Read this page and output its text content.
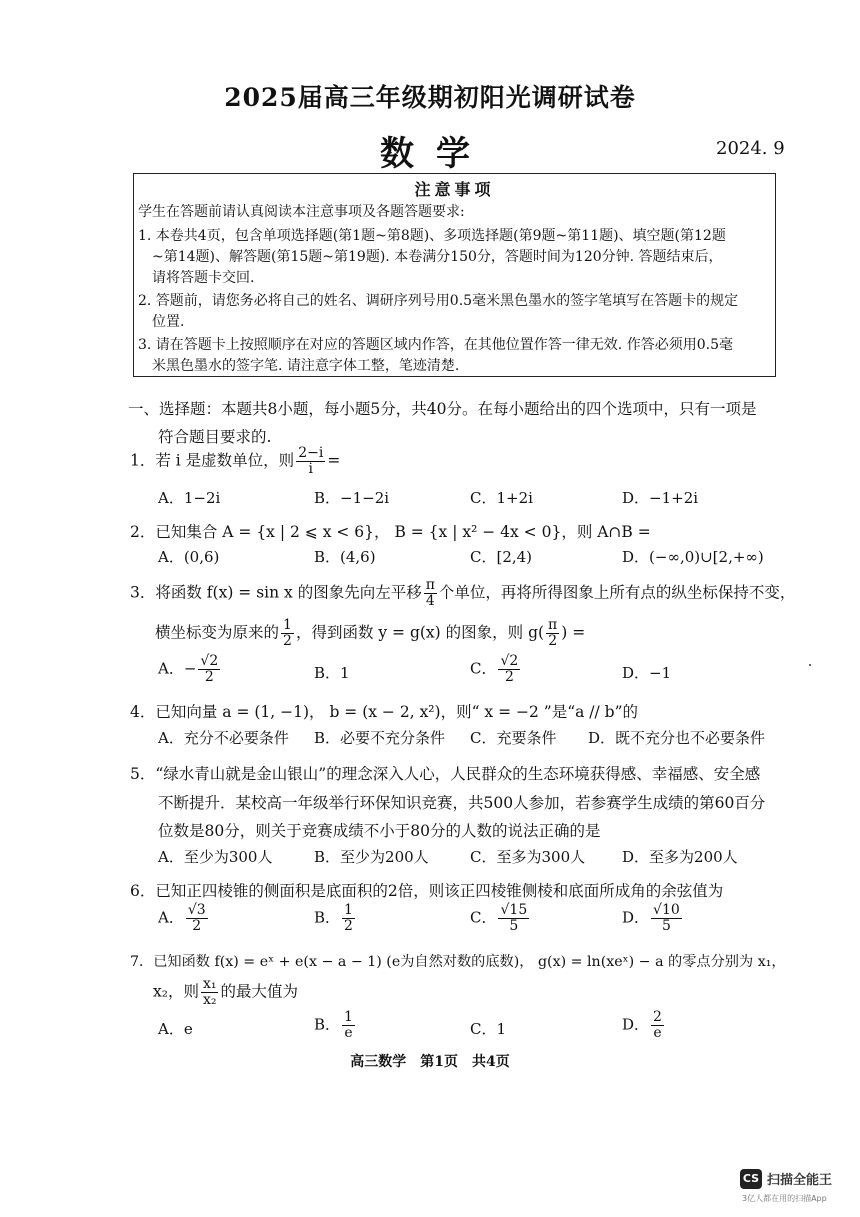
2025届高三年级期初阳光调研试卷
数学	2024. 9
注意事项
学生在答题前请认真阅读本注意事项及各题答题要求:
1. 本卷共4页，包含单项选择题(第1题~第8题)、多项选择题(第9题~第11题)、填空题(第12题
~第14题)、解答题(第15题~第19题). 本卷满分150分，答题时间为120分钟. 答题结束后，
请将答题卡交回.
2. 答题前，请您务必将自己的姓名、调研序列号用0.5毫米黑色墨水的签字笔填写在答题卡的规定
位置.
3. 请在答题卡上按照顺序在对应的答题区域内作答，在其他位置作答一律无效. 作答必须用0.5毫
米黑色墨水的签字笔. 请注意字体工整，笔迹清楚.
一、选择题：本题共8小题，每小题5分，共40分。在每小题给出的四个选项中，只有一项是
符合题目要求的.
1．若 i 是虚数单位，则 $\frac{2-i}{i}$ =
A．1−2i	B．−1−2i	C．1+2i	D．−1+2i
2．已知集合 A = {x | 2 ⩽ x < 6}， B = {x | x² − 4x < 0}，则 A∩B =
A．(0,6)	B．(4,6)	C．[2,4)	D．(−∞,0)∪[2,+∞)
3．将函数 f(x) = sin x 的图象先向左平移 $\frac{\pi}{4}$ 个单位，再将所得图象上所有点的纵坐标保持不变，
横坐标变为原来的 $\frac{1}{2}$ ，得到函数 y = g(x) 的图象，则 $g( \frac{\pi}{2}$ ) =
A．− $\frac{√2}{2}$	B．1	C． $\frac{√2}{2}$	D．−1
4．已知向量 a = (1, −1)， b = (x − 2, x²)，则“ x = −2 ”是“a // b”的
A．充分不必要条件 B．必要不充分条件 C．充要条件 D．既不充分也不必要条件
5．“绿水青山就是金山银山”的理念深入人心，人民群众的生态环境获得感、幸福感、安全感
不断提升．某校高一年级举行环保知识竞赛，共500人参加，若参赛学生成绩的第60百分
位数是80分，则关于竞赛成绩不小于80分的人数的说法正确的是
A．至少为300人	B．至少为200人	C．至多为300人 D．至多为200人
6．已知正四棱锥的侧面积是底面积的2倍，则该正四棱锥侧棱和底面所成角的余弦值为
A． $\frac{√3}{2}$	B． $\frac{1}{2}$	C． $\frac{√15}{5}$	D． $\frac{√10}{5}$
7．已知函数 f(x) = eˣ + e(x − a − 1) (e为自然对数的底数)， g(x) = ln(xeˣ) − a 的零点分别为 x₁，
x₂，则 $\frac{\text{x₁}}{\text{x₂}}$ 的最大值为
A．e	B． $\frac{1}{e}$	C．1	D． $\frac{2}{e}$
高三数学　第1页　共4页
CS 扫描全能王
3亿人都在用的扫描App
